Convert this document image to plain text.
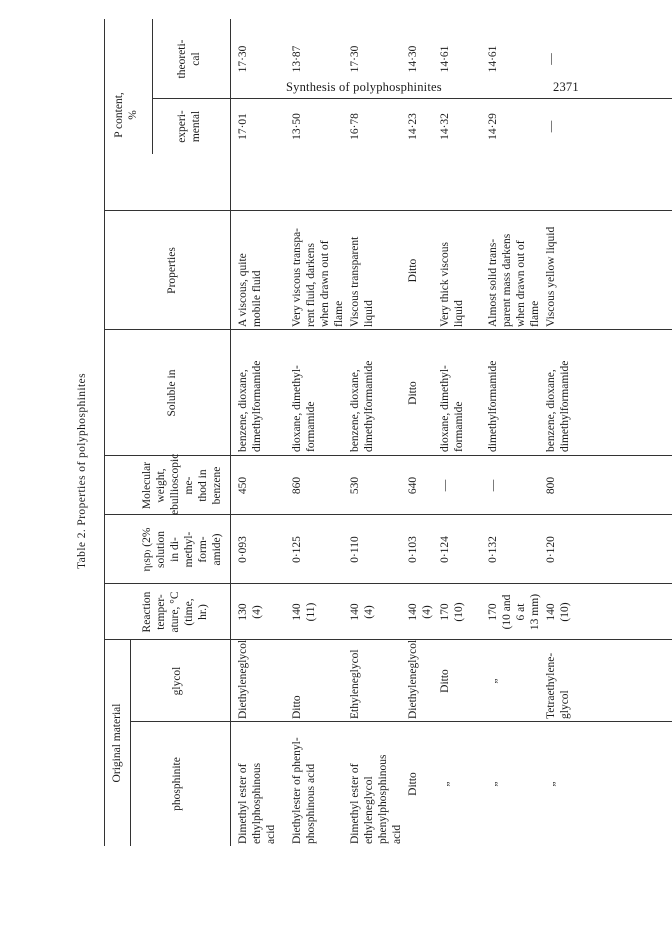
Synthesis of polyphosphinites	2371
Table 2. Properties of polyphosphinites
Original material
phosphinite
glycol
Reaction
temper-
ature, °C
(time,
hr.)
η₍sp₎ (2%
solution
in di-
methyl-
form-
amide)
Molecular
weight,
ebullioscopic me-
thod in benzene
Soluble in
Properties
P content,
%	experi-
mental
theoreti-
cal
Dimethyl ester of
ethylphosphinous
acid
Diethyleneglycol
130
(4)
0·093
450
benzene, dioxane,
dimethylformamide
A viscous, quite
mobile fluid
17·01
17·30
Diethylester of phenyl-
phosphinous acid
Ditto
140
(11)
0·125
860
dioxane, dimethyl-
formamide
Very viscous transpa-
rent fluid, darkens
when drawn out of
flame
13·50
13·87
Dimethyl ester of
ethyleneglycol
phenylphosphinous
acid
Ethyleneglycol
140
(4)
0·110
530
benzene, dioxane,
dimethylformamide
Viscous transparent
liquid
16·78
17·30
Ditto
Diethyleneglycol
140
(4)
0·103
640
Ditto
Ditto
14·23
14·30
„
Ditto
170
(10)
0·124
—
dioxane, dimethyl-
formamide
Very thick viscous
liquid
14·32
14·61
„
„
170
(10 and
6 at
13 mm)
0·132
—
dimethylformamide
Almost solid trans-
parent mass darkens
when drawn out of
flame
14·29
14·61
„
Tetraethylene-
glycol
140
(10)
0·120
800
benzene, dioxane,
dimethylformamide
Viscous yellow liquid
—
—
